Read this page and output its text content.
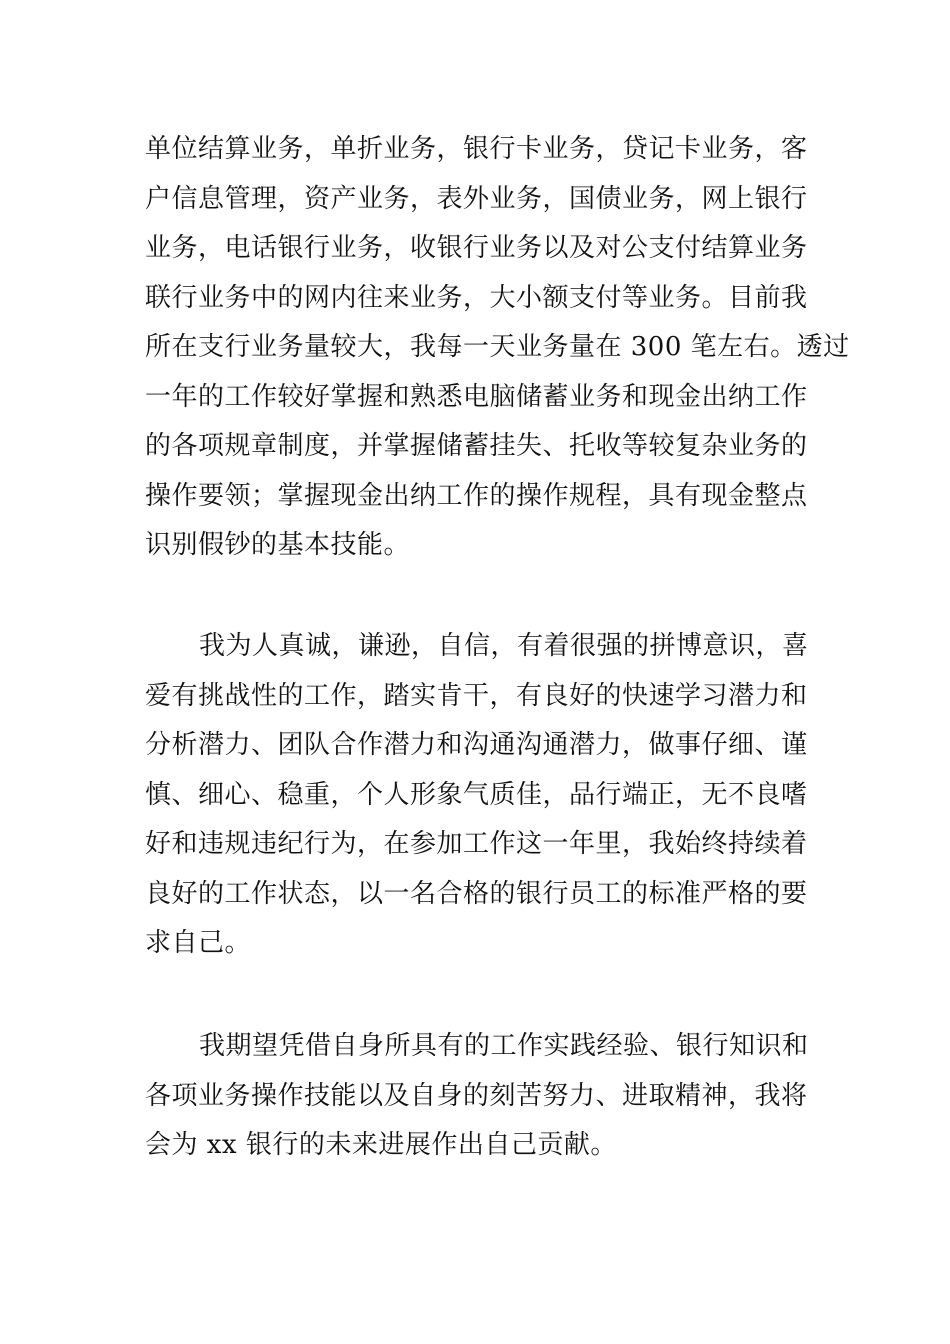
单位结算业务，单折业务，银行卡业务，贷记卡业务，客
户信息管理，资产业务，表外业务，国债业务，网上银行
业务，电话银行业务，收银行业务以及对公支付结算业务
联行业务中的网内往来业务，大小额支付等业务。目前我
所在支行业务量较大，我每一天业务量在 300 笔左右。透过
一年的工作较好掌握和熟悉电脑储蓄业务和现金出纳工作
的各项规章制度，并掌握储蓄挂失、托收等较复杂业务的
操作要领；掌握现金出纳工作的操作规程，具有现金整点
识别假钞的基本技能。

我为人真诚，谦逊，自信，有着很强的拼博意识，喜
爱有挑战性的工作，踏实肯干，有良好的快速学习潜力和
分析潜力、团队合作潜力和沟通沟通潜力，做事仔细、谨
慎、细心、稳重，个人形象气质佳，品行端正，无不良嗜
好和违规违纪行为，在参加工作这一年里，我始终持续着
良好的工作状态，以一名合格的银行员工的标准严格的要
求自己。

我期望凭借自身所具有的工作实践经验、银行知识和
各项业务操作技能以及自身的刻苦努力、进取精神，我将
会为 xx 银行的未来进展作出自己贡献。
